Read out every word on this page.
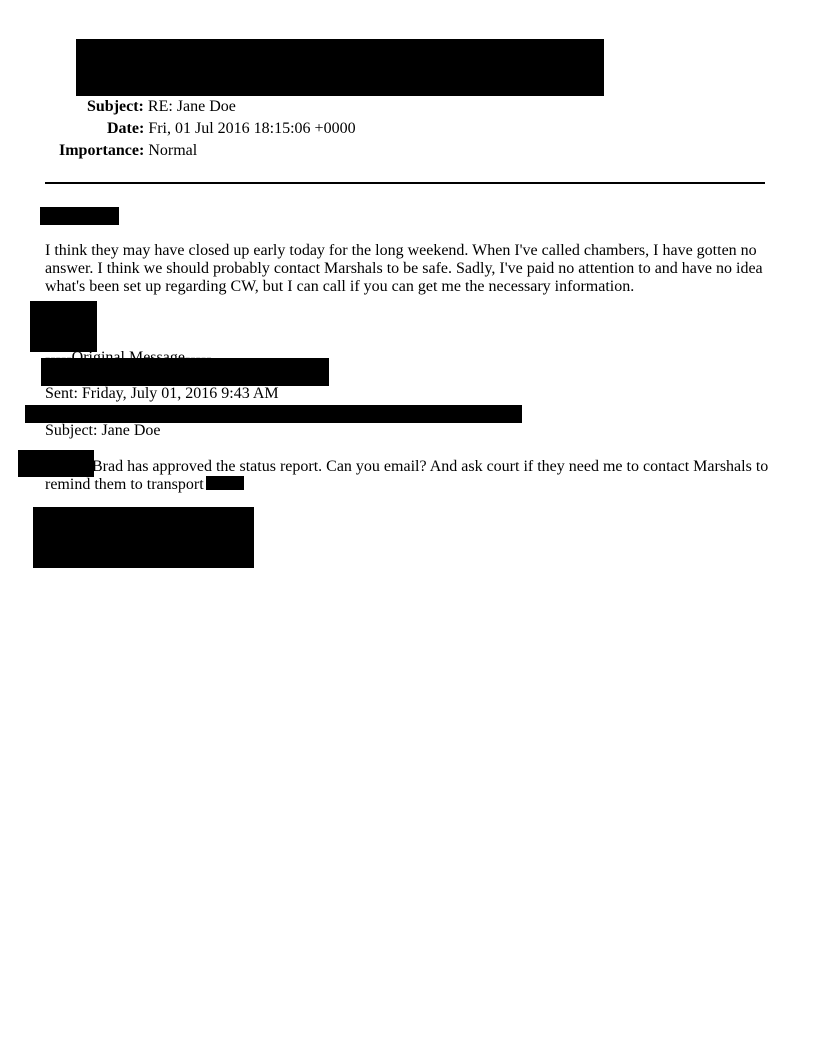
Subject: RE: Jane Doe
Date: Fri, 01 Jul 2016 18:15:06 +0000
Importance: Normal
I think they may have closed up early today for the long weekend. When I've called chambers, I have gotten no answer. I think we should probably contact Marshals to be safe. Sadly, I've paid no attention to and have no idea what's been set up regarding CW, but I can call if you can get me the necessary information.
Sent: Friday, July 01, 2016 9:43 AM
Subject: Jane Doe
Brad has approved the status report. Can you email? And ask court if they need me to contact Marshals to
remind them to transport
